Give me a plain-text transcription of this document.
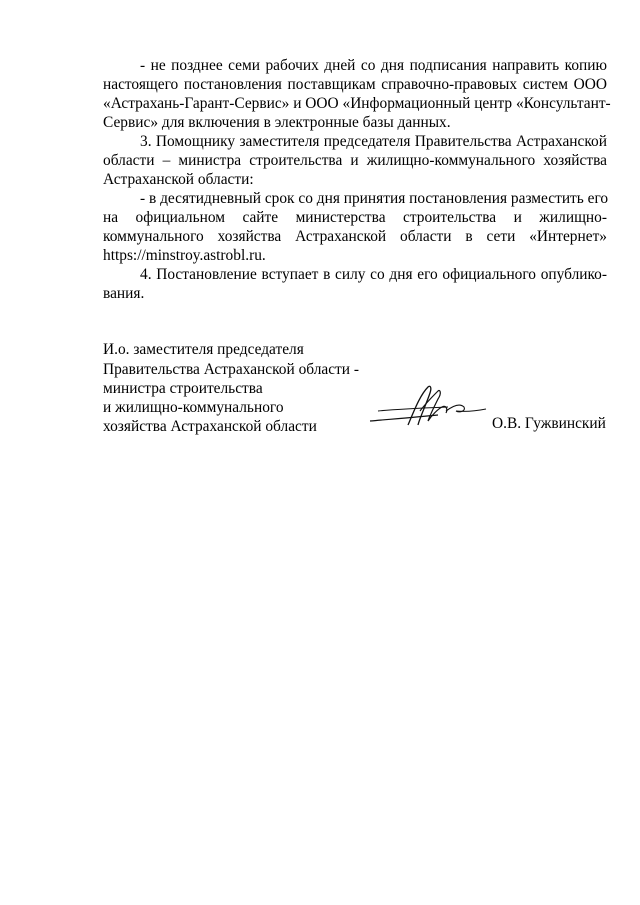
- не позднее семи рабочих дней со дня подписания направить копию
настоящего постановления поставщикам справочно-правовых систем ООО
«Астрахань-Гарант-Сервис» и ООО «Информационный центр «Консультант-
Сервис» для включения в электронные базы данных.
3. Помощнику заместителя председателя Правительства Астраханской
области – министра строительства и жилищно-коммунального хозяйства
Астраханской области:
- в десятидневный срок со дня принятия постановления разместить его
на официальном сайте министерства строительства и жилищно-
коммунального хозяйства Астраханской области в сети «Интернет»
https://minstroy.astrobl.ru.
4. Постановление вступает в силу со дня его официального опублико-
вания.
И.о. заместителя председателя
Правительства Астраханской области -
министра строительства
и жилищно-коммунального
хозяйства Астраханской области	О.В. Гужвинский
